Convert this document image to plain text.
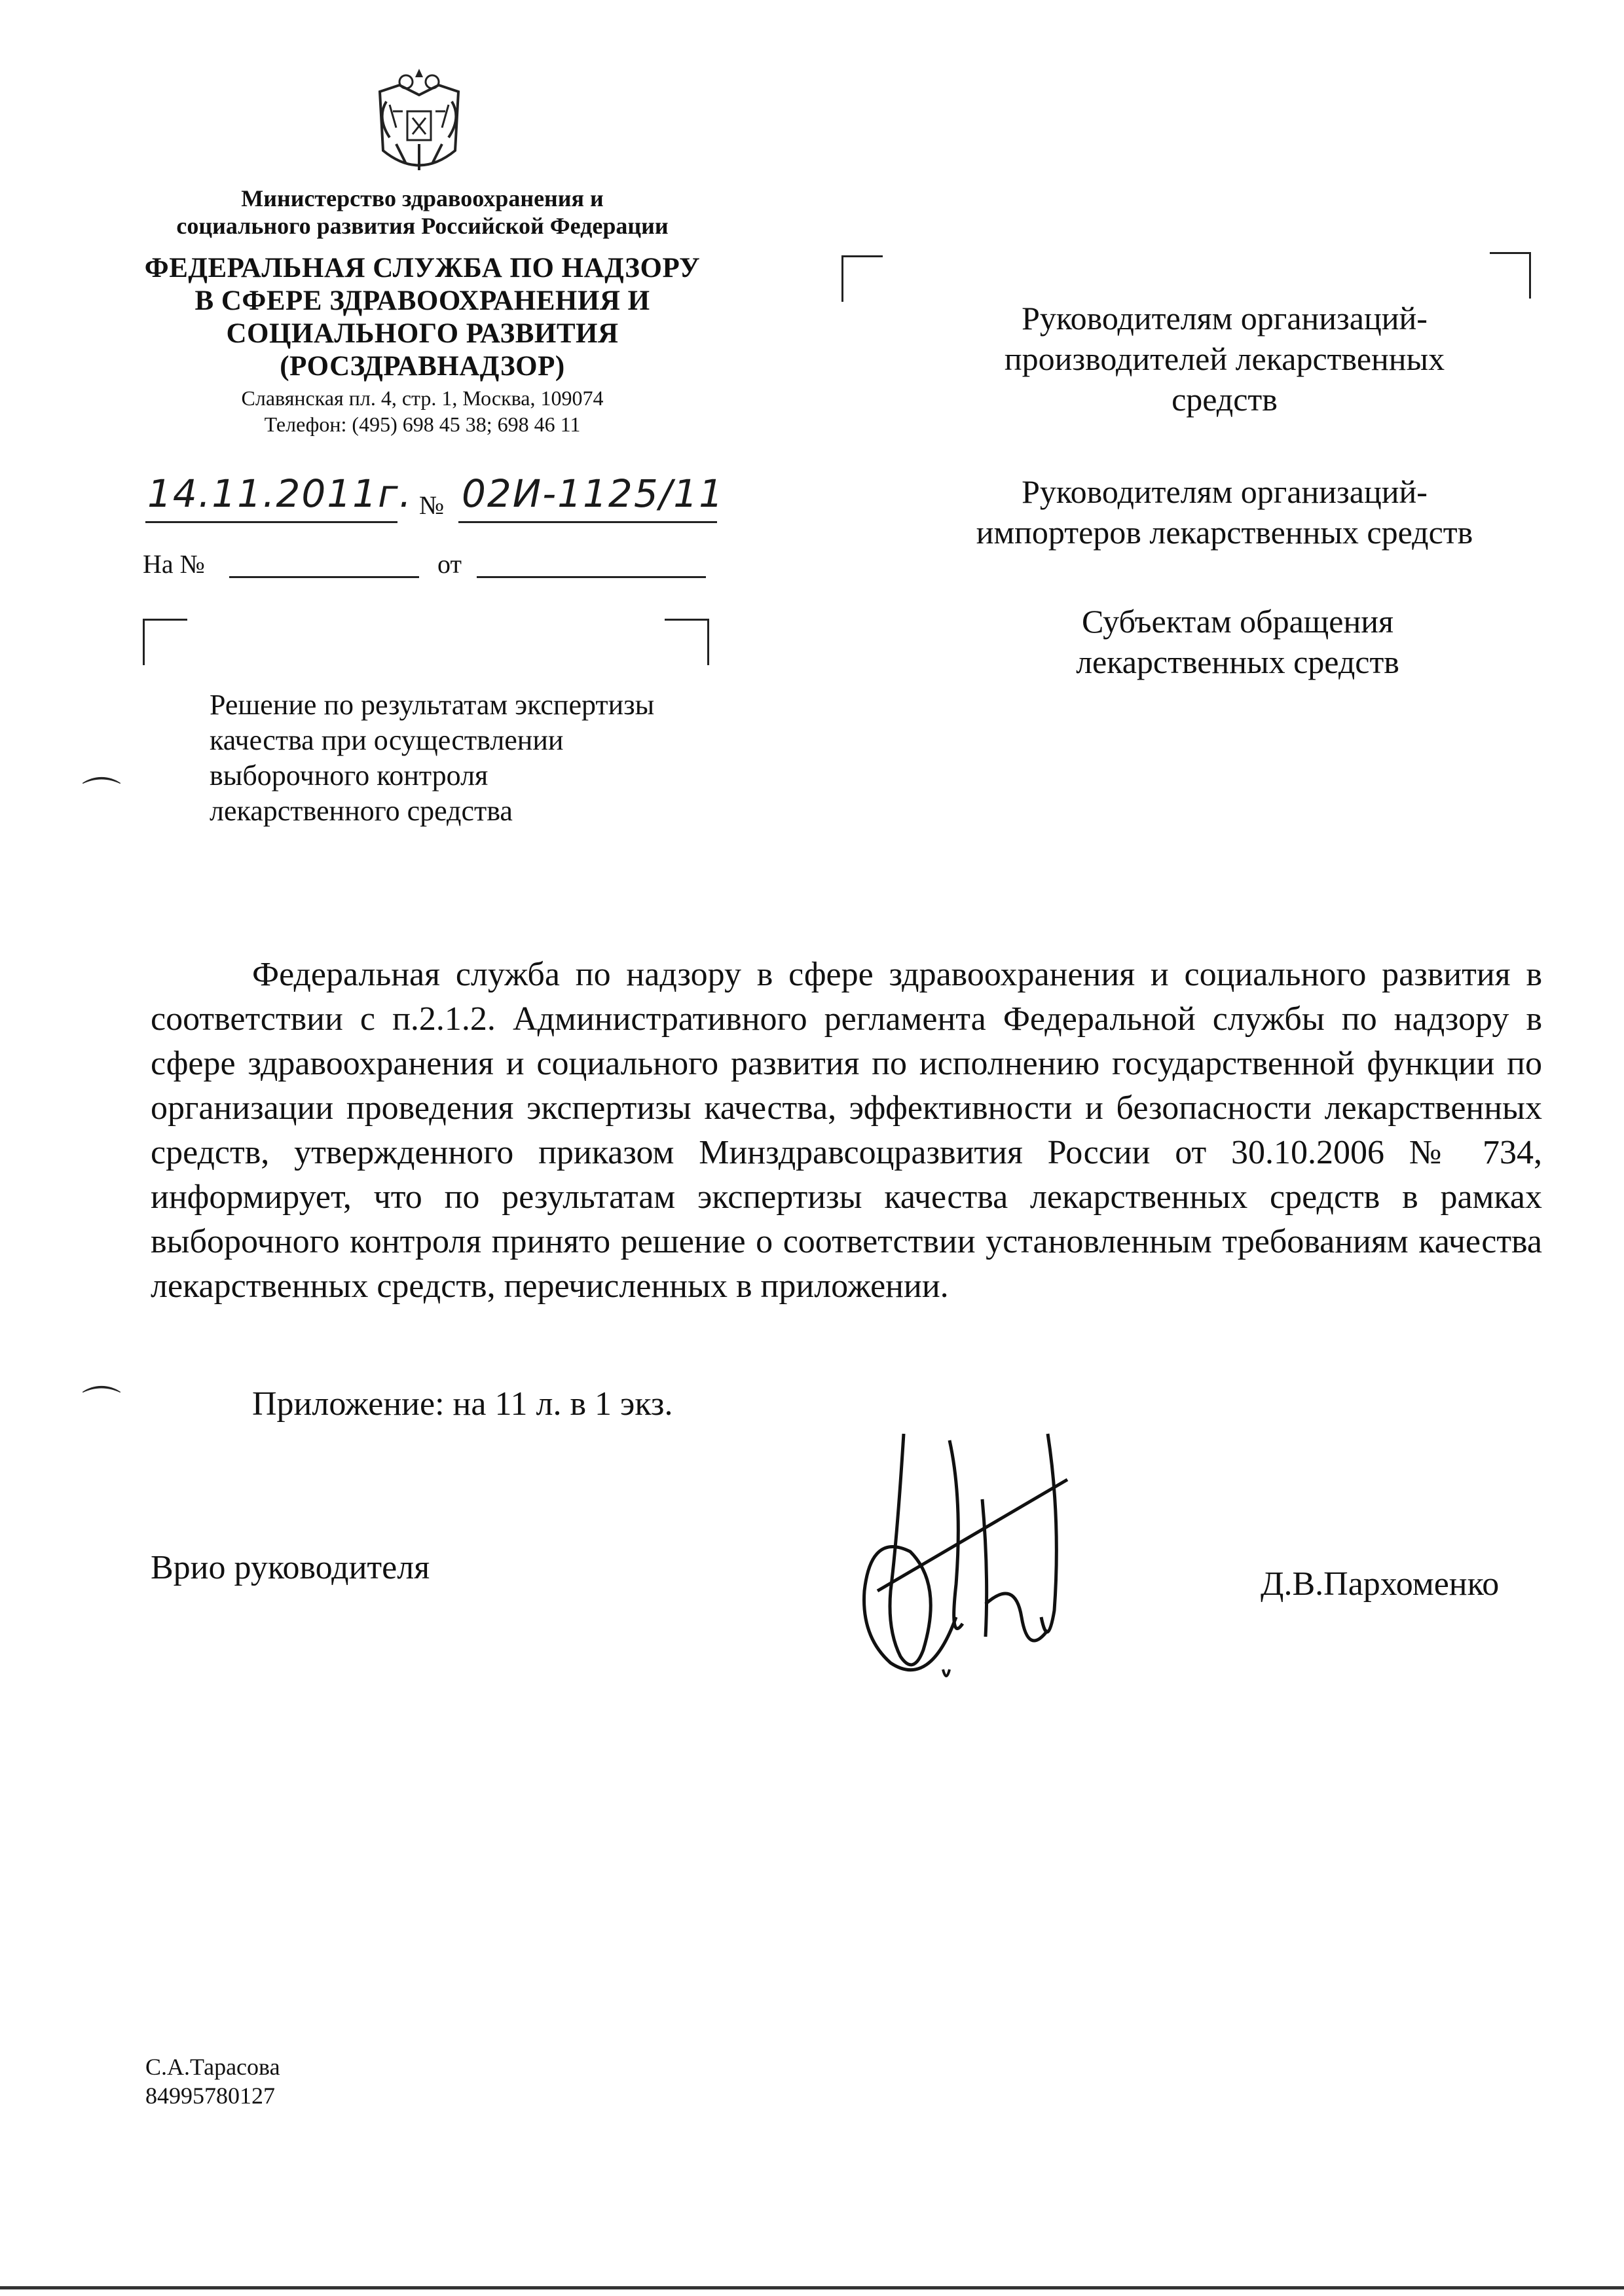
Министерство здравоохранения и
социального развития Российской Федерации
ФЕДЕРАЛЬНАЯ СЛУЖБА ПО НАДЗОРУ
В СФЕРЕ ЗДРАВООХРАНЕНИЯ И
СОЦИАЛЬНОГО РАЗВИТИЯ
(РОСЗДРАВНАДЗОР)
Славянская пл. 4, стр. 1, Москва, 109074
Телефон: (495) 698 45 38; 698 46 11
14.11.2011г. № 02И-1125/11
На №	от
Решение по результатам экспертизы
качества при осуществлении
выборочного контроля
лекарственного средства
Руководителям организаций-
производителей лекарственных
средств
Руководителям организаций-
импортеров лекарственных средств
Субъектам обращения
лекарственных средств
Федеральная служба по надзору в сфере здравоохранения и социального развития в соответствии с п.2.1.2. Административного регламента Федеральной службы по надзору в сфере здравоохранения и социального развития по исполнению государственной функции по организации проведения экспертизы качества, эффективности и безопасности лекарственных средств, утвержденного приказом Минздравсоцразвития России от 30.10.2006 № 734, информирует, что по результатам экспертизы качества лекарственных средств в рамках выборочного контроля принято решение о соответствии установленным требованиям качества лекарственных средств, перечисленных в приложении.
Приложение: на 11 л. в 1 экз.
Врио руководителя	Д.В.Пархоменко
С.А.Тарасова
84995780127
⌒
⌒
